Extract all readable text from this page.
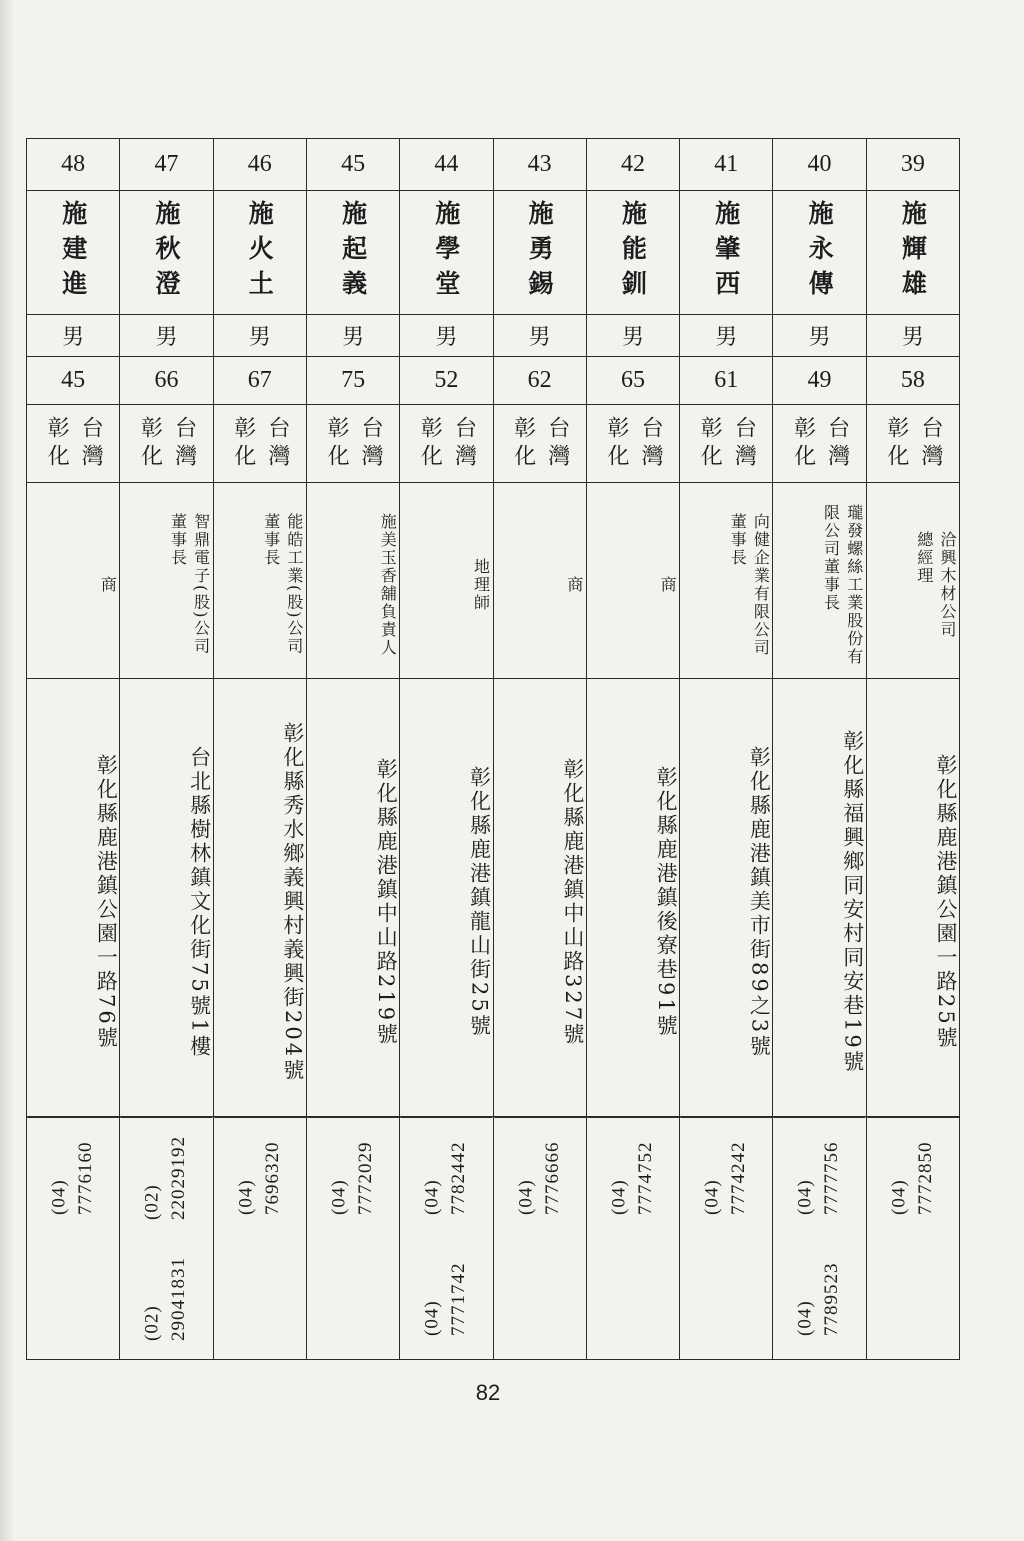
39
施輝雄
男
58
台灣
彰化
洽興木材公司
總經理
彰化縣鹿港鎮公園一路25號
(04)
7772850
40
施永傳
男
49
台灣
彰化
瓏發螺絲工業股份有
限公司董事長
彰化縣福興鄉同安村同安巷19號
(04)
7777756
(04)
7789523
41
施肇西
男
61
台灣
彰化
向健企業有限公司
董事長
彰化縣鹿港鎮美市街89之3號
(04)
7774242
42
施能釧
男
65
台灣
彰化
商
彰化縣鹿港鎮後寮巷91號
(04)
7774752
43
施勇錫
男
62
台灣
彰化
商
彰化縣鹿港鎮中山路327號
(04)
7776666
44
施學堂
男
52
台灣
彰化
地理師
彰化縣鹿港鎮龍山街25號
(04)
7782442
(04)
7771742
45
施起義
男
75
台灣
彰化
施美玉香舖負責人
彰化縣鹿港鎮中山路219號
(04)
7772029
46
施火土
男
67
台灣
彰化
能皓工業(股)公司
董事長
彰化縣秀水鄉義興村義興街204號
(04)
7696320
47
施秋澄
男
66
台灣
彰化
智鼎電子(股)公司
董事長
台北縣樹林鎮文化街75號1樓
(02)
22029192
(02)
29041831
48
施建進
男
45
台灣
彰化
商
彰化縣鹿港鎮公園一路76號
(04)
7776160
82
